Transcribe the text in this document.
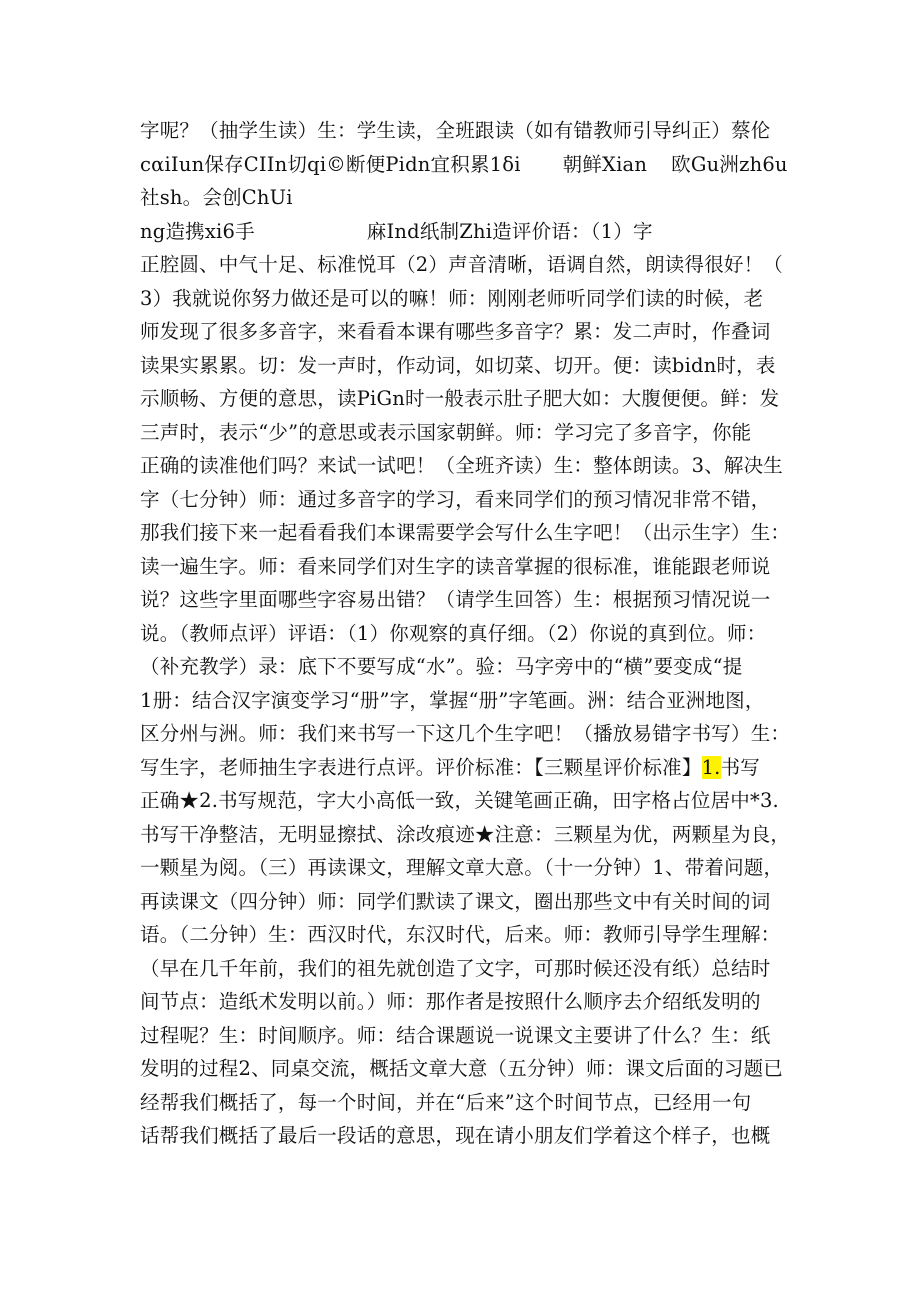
字呢？（抽学生读）生：学生读，全班跟读（如有错教师引导纠正）蔡伦
cαiIun保存CIIn切qi©断便Pidn宜积累1δi 朝鲜Xian 欧Gu洲zh6u
社sh。会创ChUi
ng造携xi6手	麻Ind纸制Zhi造评价语：（1）字
正腔圆、中气十足、标准悦耳（2）声音清晰，语调自然，朗读得很好！（
3）我就说你努力做还是可以的嘛！师：刚刚老师听同学们读的时候，老
师发现了很多多音字，来看看本课有哪些多音字？累：发二声时，作叠词
读果实累累。切：发一声时，作动词，如切菜、切开。便：读bidn时，表
示顺畅、方便的意思，读PiGn时一般表示肚子肥大如：大腹便便。鲜：发
三声时，表示“少”的意思或表示国家朝鲜。师：学习完了多音字，你能
正确的读准他们吗？来试一试吧！（全班齐读）生：整体朗读。3、解决生
字（七分钟）师：通过多音字的学习，看来同学们的预习情况非常不错，
那我们接下来一起看看我们本课需要学会写什么生字吧！（出示生字）生：
读一遍生字。师：看来同学们对生字的读音掌握的很标准，谁能跟老师说
说？这些字里面哪些字容易出错？（请学生回答）生：根据预习情况说一
说。（教师点评）评语：（1）你观察的真仔细。（2）你说的真到位。师：
（补充教学）录：底下不要写成“水”。验：马字旁中的“横”要变成“提
1册：结合汉字演变学习“册”字，掌握“册”字笔画。洲：结合亚洲地图，
区分州与洲。师：我们来书写一下这几个生字吧！（播放易错字书写）生：
写生字，老师抽生字表进行点评。评价标准：【三颗星评价标准】1.书写
正确★2.书写规范，字大小高低一致，关键笔画正确，田字格占位居中*3.
书写干净整洁，无明显擦拭、涂改痕迹★注意：三颗星为优，两颗星为良，
一颗星为阅。（三）再读课文，理解文章大意。（十一分钟）1、带着问题，
再读课文（四分钟）师：同学们默读了课文，圈出那些文中有关时间的词
语。（二分钟）生：西汉时代，东汉时代，后来。师：教师引导学生理解：
（早在几千年前，我们的祖先就创造了文字，可那时候还没有纸）总结时
间节点：造纸术发明以前。）师：那作者是按照什么顺序去介绍纸发明的
过程呢？生：时间顺序。师：结合课题说一说课文主要讲了什么？生：纸
发明的过程2、同桌交流，概括文章大意（五分钟）师：课文后面的习题已
经帮我们概括了，每一个时间，并在“后来”这个时间节点，已经用一句
话帮我们概括了最后一段话的意思，现在请小朋友们学着这个样子，也概
